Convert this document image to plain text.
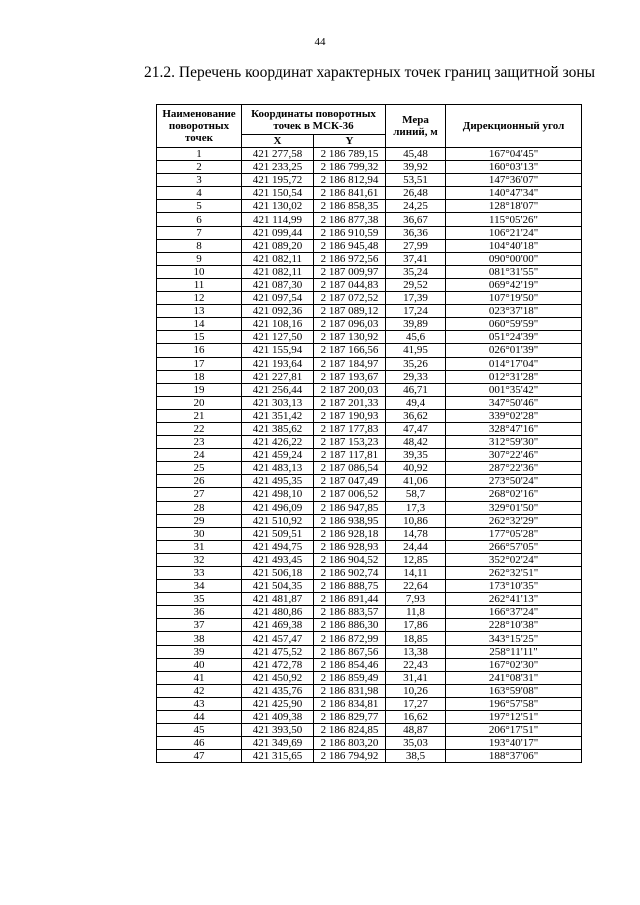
44
21.2. Перечень координат характерных точек границ защитной зоны
Наименование поворотных точек	Координаты поворотных точек в МСК-36		Мера линий, м	Дирекционный угол
	X	Y		
1	421 277,58	2 186 789,15	45,48	167°04'45"
2	421 233,25	2 186 799,32	39,92	160°03'13"
3	421 195,72	2 186 812,94	53,51	147°36'07"
4	421 150,54	2 186 841,61	26,48	140°47'34"
5	421 130,02	2 186 858,35	24,25	128°18'07"
6	421 114,99	2 186 877,38	36,67	115°05'26"
7	421 099,44	2 186 910,59	36,36	106°21'24"
8	421 089,20	2 186 945,48	27,99	104°40'18"
9	421 082,11	2 186 972,56	37,41	090°00'00"
10	421 082,11	2 187 009,97	35,24	081°31'55"
11	421 087,30	2 187 044,83	29,52	069°42'19"
12	421 097,54	2 187 072,52	17,39	107°19'50"
13	421 092,36	2 187 089,12	17,24	023°37'18"
14	421 108,16	2 187 096,03	39,89	060°59'59"
15	421 127,50	2 187 130,92	45,6	051°24'39"
16	421 155,94	2 187 166,56	41,95	026°01'39"
17	421 193,64	2 187 184,97	35,26	014°17'04"
18	421 227,81	2 187 193,67	29,33	012°31'28"
19	421 256,44	2 187 200,03	46,71	001°35'42"
20	421 303,13	2 187 201,33	49,4	347°50'46"
21	421 351,42	2 187 190,93	36,62	339°02'28"
22	421 385,62	2 187 177,83	47,47	328°47'16"
23	421 426,22	2 187 153,23	48,42	312°59'30"
24	421 459,24	2 187 117,81	39,35	307°22'46"
25	421 483,13	2 187 086,54	40,92	287°22'36"
26	421 495,35	2 187 047,49	41,06	273°50'24"
27	421 498,10	2 187 006,52	58,7	268°02'16"
28	421 496,09	2 186 947,85	17,3	329°01'50"
29	421 510,92	2 186 938,95	10,86	262°32'29"
30	421 509,51	2 186 928,18	14,78	177°05'28"
31	421 494,75	2 186 928,93	24,44	266°57'05"
32	421 493,45	2 186 904,52	12,85	352°02'24"
33	421 506,18	2 186 902,74	14,11	262°32'51"
34	421 504,35	2 186 888,75	22,64	173°10'35"
35	421 481,87	2 186 891,44	7,93	262°41'13"
36	421 480,86	2 186 883,57	11,8	166°37'24"
37	421 469,38	2 186 886,30	17,86	228°10'38"
38	421 457,47	2 186 872,99	18,85	343°15'25"
39	421 475,52	2 186 867,56	13,38	258°11'11"
40	421 472,78	2 186 854,46	22,43	167°02'30"
41	421 450,92	2 186 859,49	31,41	241°08'31"
42	421 435,76	2 186 831,98	10,26	163°59'08"
43	421 425,90	2 186 834,81	17,27	196°57'58"
44	421 409,38	2 186 829,77	16,62	197°12'51"
45	421 393,50	2 186 824,85	48,87	206°17'51"
46	421 349,69	2 186 803,20	35,03	193°40'17"
47	421 315,65	2 186 794,92	38,5	188°37'06"
